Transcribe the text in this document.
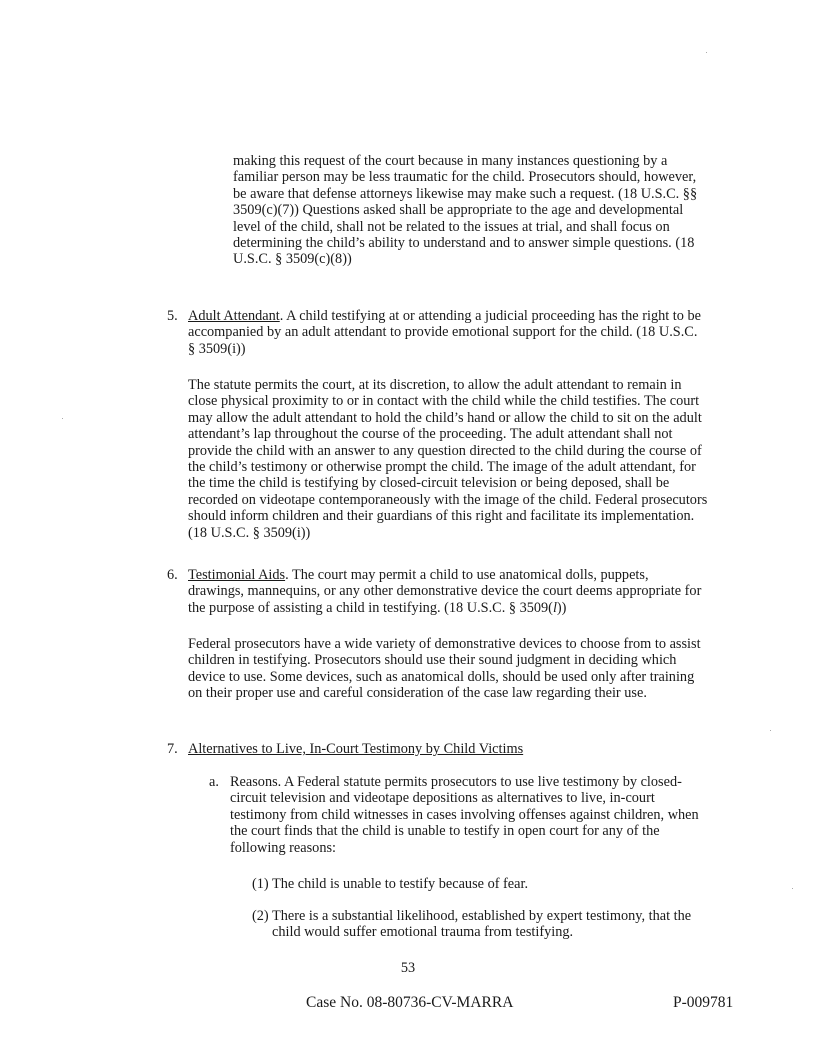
making this request of the court because in many instances questioning by a familiar person may be less traumatic for the child. Prosecutors should, however, be aware that defense attorneys likewise may make such a request. (18 U.S.C. §§ 3509(c)(7)) Questions asked shall be appropriate to the age and developmental level of the child, shall not be related to the issues at trial, and shall focus on determining the child’s ability to understand and to answer simple questions. (18 U.S.C. § 3509(c)(8))

5. Adult Attendant. A child testifying at or attending a judicial proceeding has the right to be accompanied by an adult attendant to provide emotional support for the child. (18 U.S.C. § 3509(i))

The statute permits the court, at its discretion, to allow the adult attendant to remain in close physical proximity to or in contact with the child while the child testifies. The court may allow the adult attendant to hold the child’s hand or allow the child to sit on the adult attendant’s lap throughout the course of the proceeding. The adult attendant shall not provide the child with an answer to any question directed to the child during the course of the child’s testimony or otherwise prompt the child. The image of the adult attendant, for the time the child is testifying by closed-circuit television or being deposed, shall be recorded on videotape contemporaneously with the image of the child. Federal prosecutors should inform children and their guardians of this right and facilitate its implementation. (18 U.S.C. § 3509(i))

6. Testimonial Aids. The court may permit a child to use anatomical dolls, puppets, drawings, mannequins, or any other demonstrative device the court deems appropriate for the purpose of assisting a child in testifying. (18 U.S.C. § 3509(l))

Federal prosecutors have a wide variety of demonstrative devices to choose from to assist children in testifying. Prosecutors should use their sound judgment in deciding which device to use. Some devices, such as anatomical dolls, should be used only after training on their proper use and careful consideration of the case law regarding their use.

7. Alternatives to Live, In-Court Testimony by Child Victims

a. Reasons. A Federal statute permits prosecutors to use live testimony by closed-circuit television and videotape depositions as alternatives to live, in-court testimony from child witnesses in cases involving offenses against children, when the court finds that the child is unable to testify in open court for any of the following reasons:

(1) The child is unable to testify because of fear.

(2) There is a substantial likelihood, established by expert testimony, that the child would suffer emotional trauma from testifying.

53
Case No. 08-80736-CV-MARRA	P-009781
